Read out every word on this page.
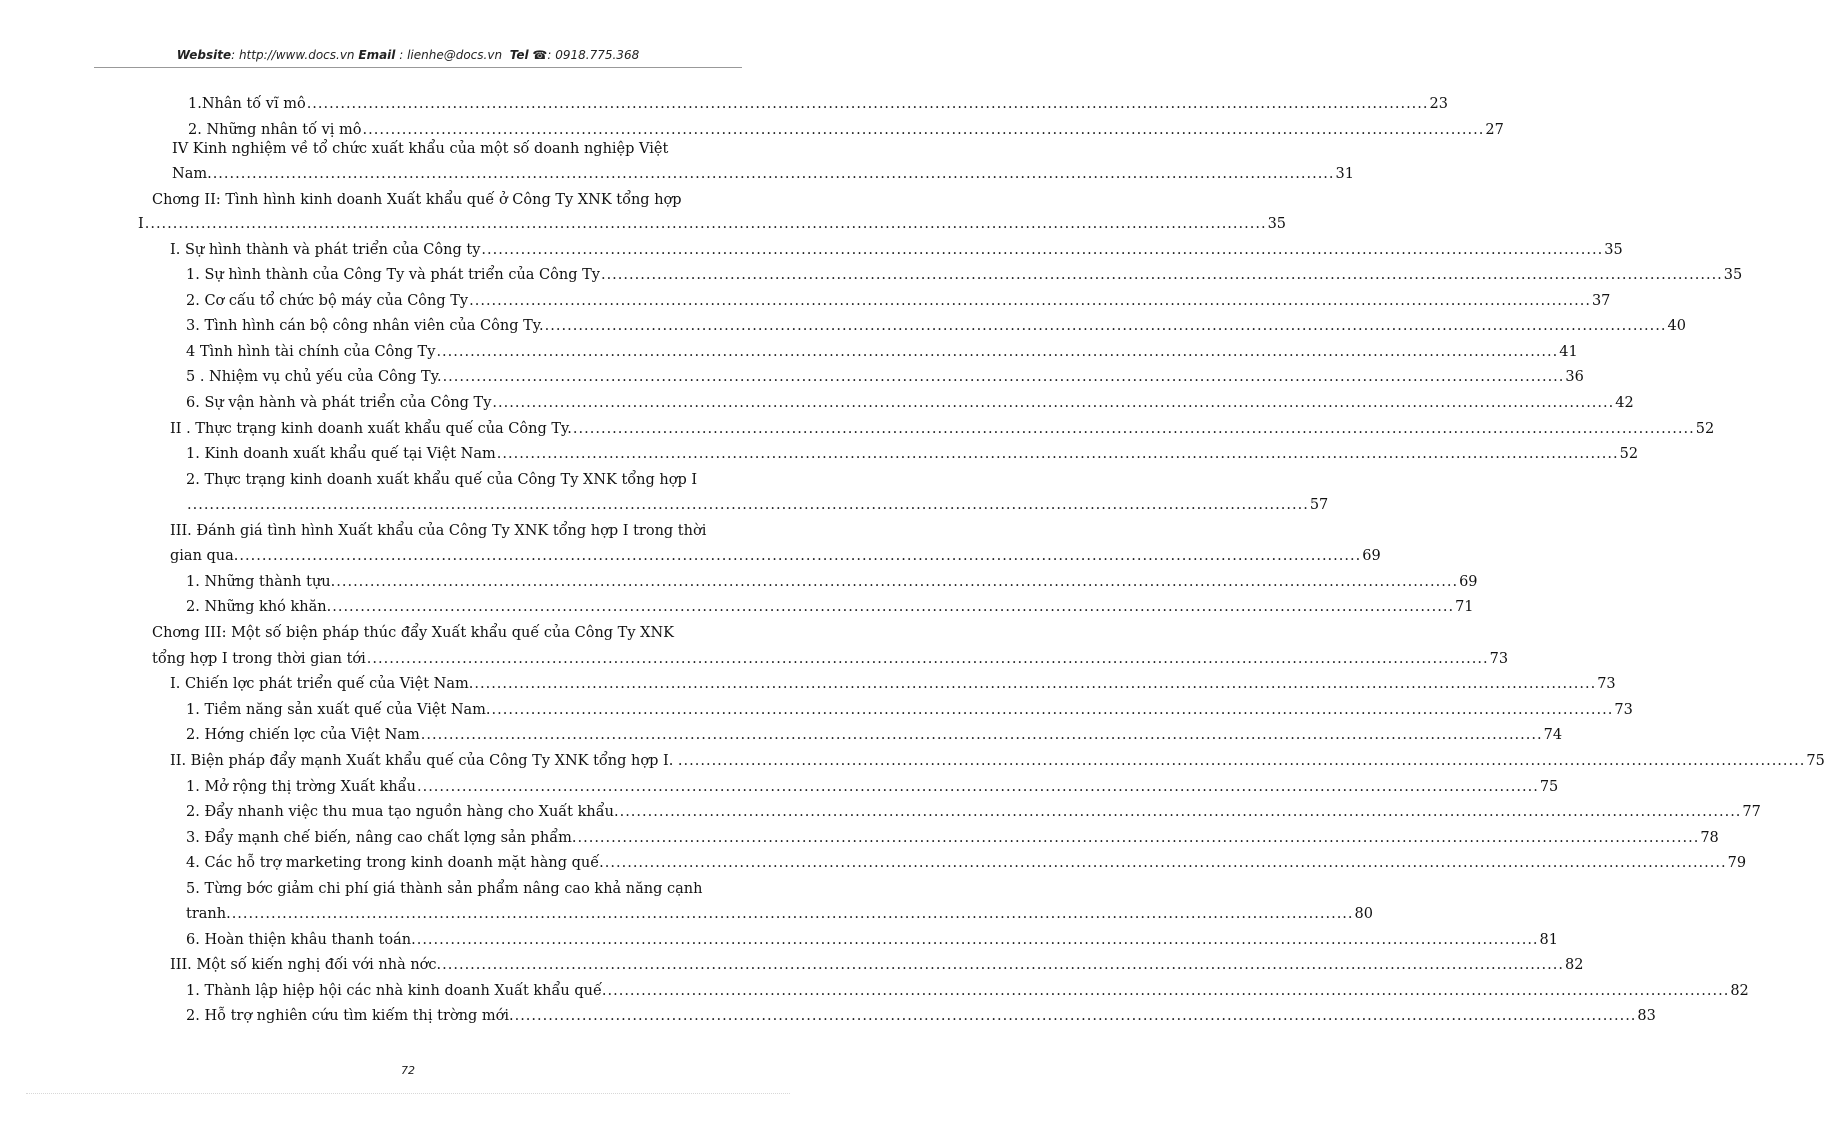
Website: http://www.docs.vn Email : lienhe@docs.vn Tel ☎: 0918.775.368
1.Nhân tố vĩ mô ........................................................................................................................................................................................................ 23
2. Những nhân tố vị mô ........................................................................................................................................................................................................ 27
IV Kinh nghiệm về tổ chức xuất khẩu của một số doanh nghiệp Việt
Nam. ........................................................................................................................................................................................................ 31
Chơng II: Tình hình kinh doanh Xuất khẩu quế ở Công Ty XNK tổng hợp
I ........................................................................................................................................................................................................ 35
I. Sự hình thành và phát triển của Công ty ........................................................................................................................................................................................................ 35
1. Sự hình thành của Công Ty và phát triển của Công Ty ........................................................................................................................................................................................................ 35
2. Cơ cấu tổ chức bộ máy của Công Ty ........................................................................................................................................................................................................ 37
3. Tình hình cán bộ công nhân viên của Công Ty. ........................................................................................................................................................................................................ 40
4 Tình hình tài chính của Công Ty ........................................................................................................................................................................................................ 41
5 . Nhiệm vụ chủ yếu của Công Ty. ........................................................................................................................................................................................................ 36
6. Sự vận hành và phát triển của Công Ty ........................................................................................................................................................................................................ 42
II . Thực trạng kinh doanh xuất khẩu quế của Công Ty. ........................................................................................................................................................................................................ 52
1. Kinh doanh xuất khẩu quế tại Việt Nam ........................................................................................................................................................................................................ 52
2. Thực trạng kinh doanh xuất khẩu quế của Công Ty XNK tổng hợp I
........................................................................................................................................................................................................ 57
III. Đánh giá tình hình Xuất khẩu của Công Ty XNK tổng hợp I trong thời
gian qua. ........................................................................................................................................................................................................ 69
1. Những thành tựu. ........................................................................................................................................................................................................ 69
2. Những khó khăn. ........................................................................................................................................................................................................ 71
Chơng III: Một số biện pháp thúc đẩy Xuất khẩu quế của Công Ty XNK
tổng hợp I trong thời gian tới ........................................................................................................................................................................................................ 73
I. Chiến lợc phát triển quế của Việt Nam. ........................................................................................................................................................................................................ 73
1. Tiềm năng sản xuất quế của Việt Nam. ........................................................................................................................................................................................................ 73
2. Hớng chiến lợc của Việt Nam ........................................................................................................................................................................................................ 74
II. Biện pháp đẩy mạnh Xuất khẩu quế của Công Ty XNK tổng hợp I. . ........................................................................................................................................................................................................ 75
1. Mở rộng thị trờng Xuất khẩu ........................................................................................................................................................................................................ 75
2. Đẩy nhanh việc thu mua tạo nguồn hàng cho Xuất khẩu. ........................................................................................................................................................................................................ 77
3. Đẩy mạnh chế biến, nâng cao chất lợng sản phẩm. ........................................................................................................................................................................................................ 78
4. Các hỗ trợ marketing trong kinh doanh mặt hàng quế. ........................................................................................................................................................................................................ 79
5. Từng bớc giảm chi phí giá thành sản phẩm nâng cao khả năng cạnh
tranh. ........................................................................................................................................................................................................ 80
6. Hoàn thiện khâu thanh toán. ........................................................................................................................................................................................................ 81
III. Một số kiến nghị đối với nhà nớc. ........................................................................................................................................................................................................ 82
1. Thành lập hiệp hội các nhà kinh doanh Xuất khẩu quế. ........................................................................................................................................................................................................ 82
2. Hỗ trợ nghiên cứu tìm kiếm thị trờng mới. ........................................................................................................................................................................................................ 83
72
